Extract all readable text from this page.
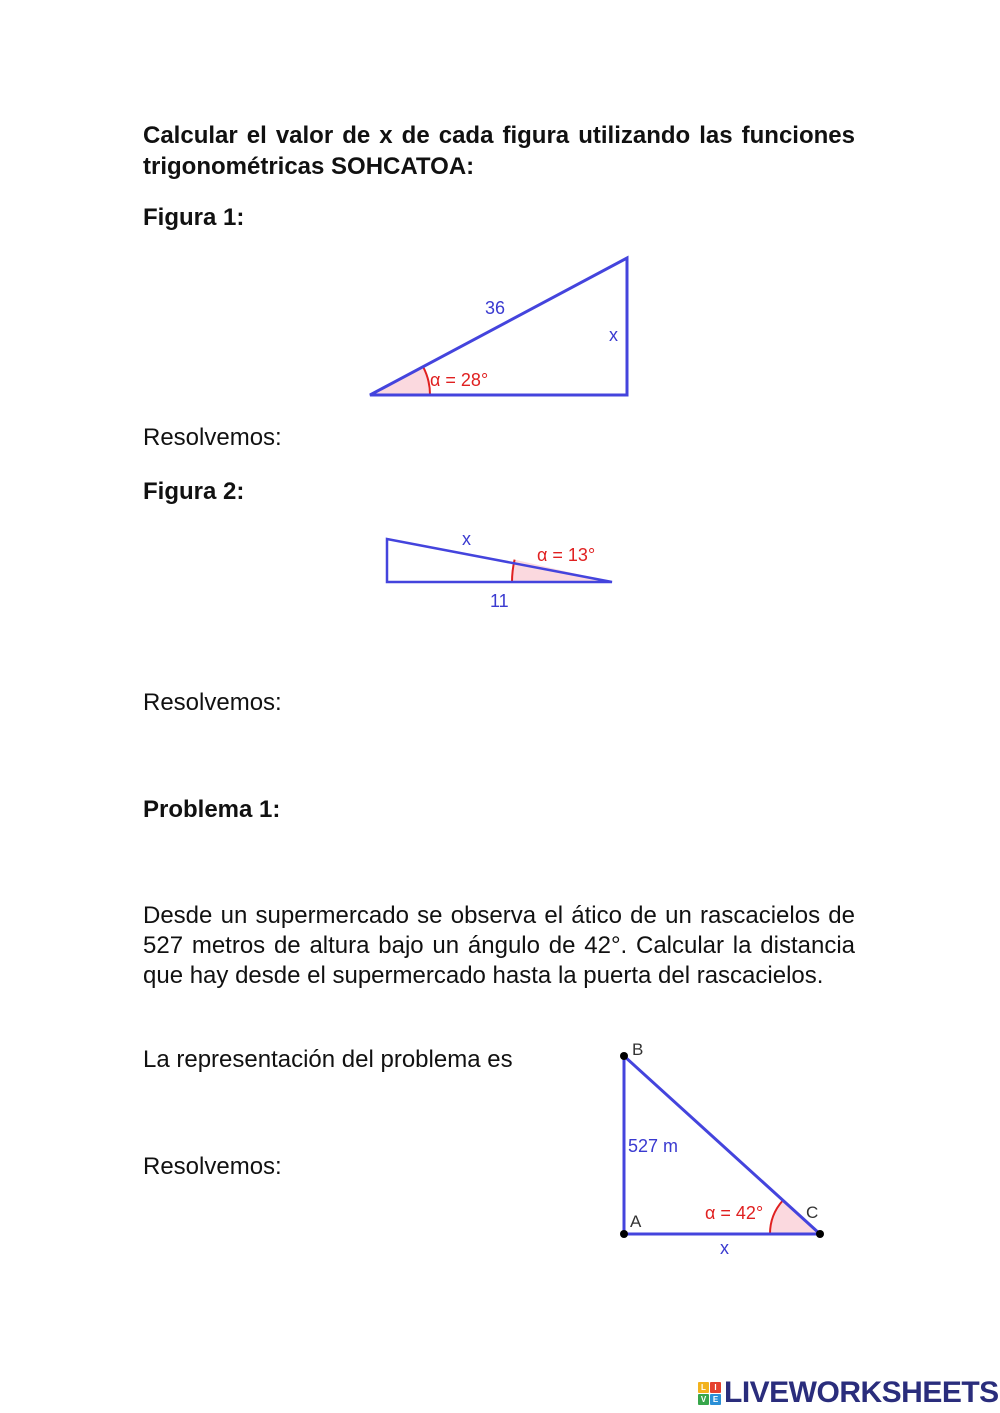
Calcular el valor de x de cada figura utilizando las funciones trigonométricas SOHCATOA:
Figura 1:
36
x
α = 28°
Resolvemos:
Figura 2:
x
α = 13°
11
Resolvemos:
Problema 1:
Desde un supermercado se observa el ático de un rascacielos de 527 metros de altura bajo un ángulo de 42°. Calcular la distancia que hay desde el supermercado hasta la puerta del rascacielos.
La representación del problema es
Resolvemos:
B
A	C
527 m
α = 42°
x
L	I
V E LIVEWORKSHEETS
